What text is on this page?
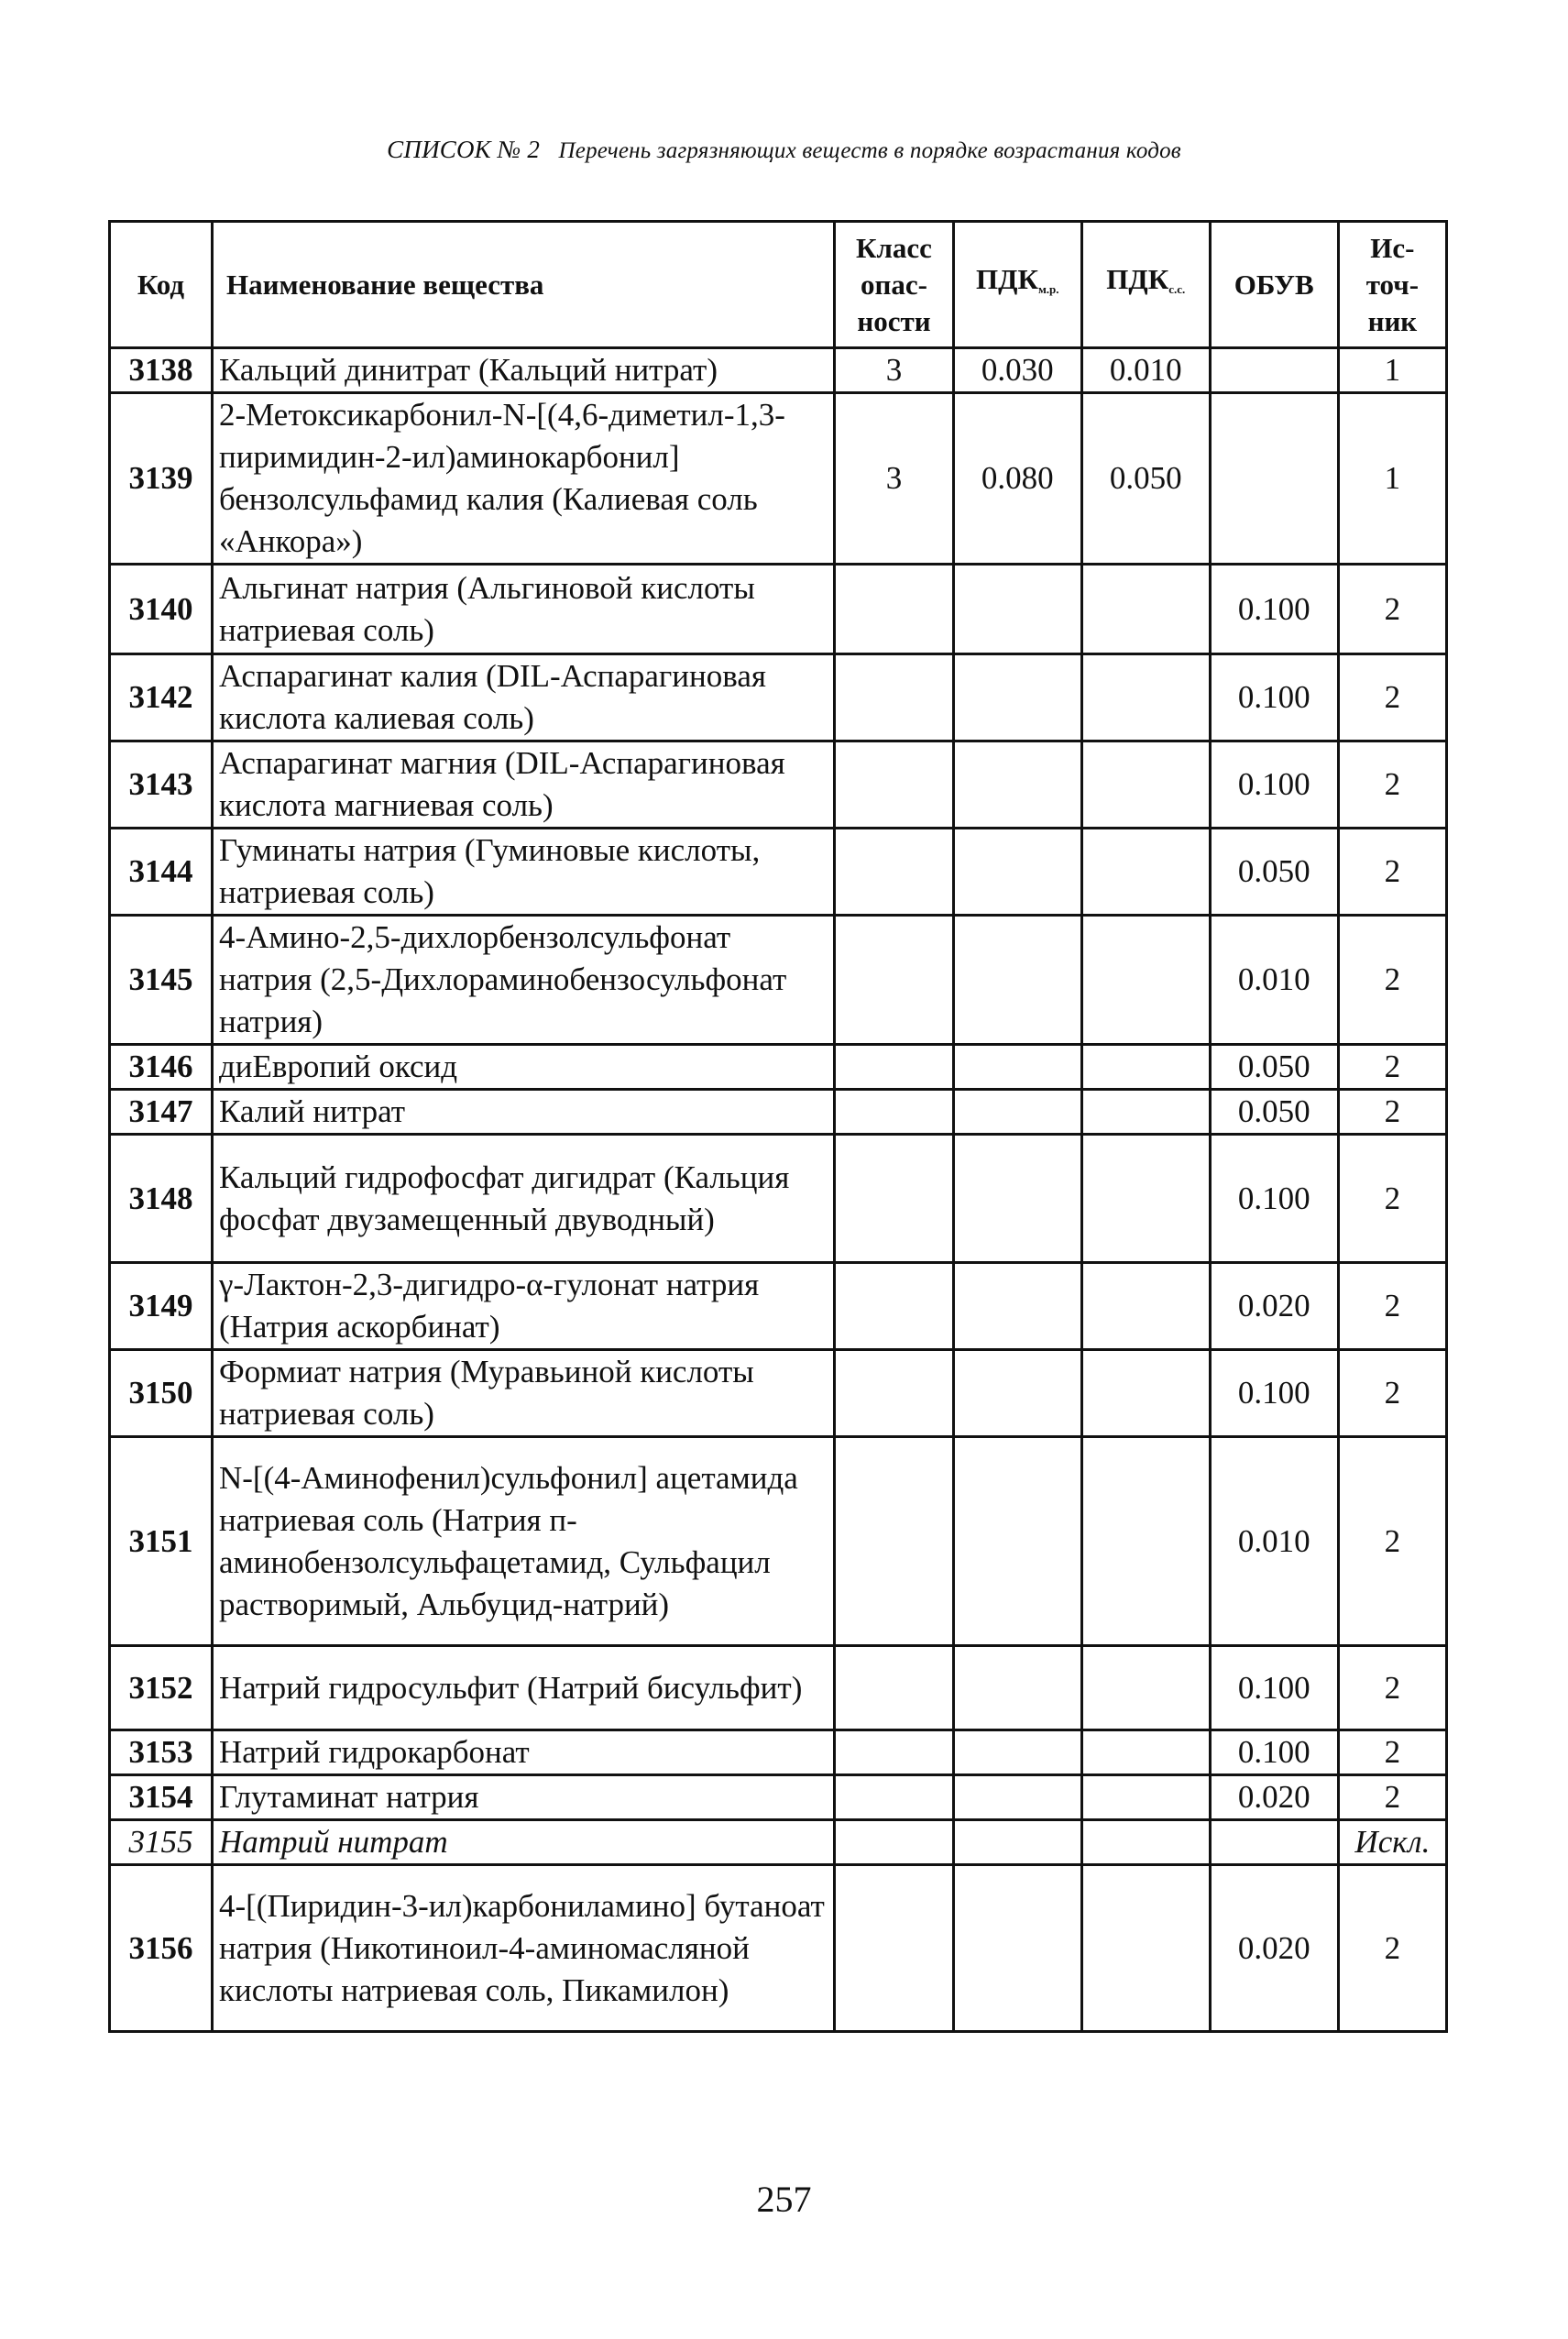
СПИСОК № 2 Перечень загрязняющих веществ в порядке возрастания кодов
Код	Наименование вещества	Класс опас- ности	$ПДК_{м.р.}$	$ПДК_{с.с.}$	ОБУВ	Ис- точ- ник
3138	Кальций динитрат (Кальций нитрат)	3	0.030	0.010		1
3139	2-Метоксикарбонил-N-[(4,6-диметил-1,3-пиримидин-2-ил)аминокарбонил] бензолсульфамид калия (Калиевая соль «Анкора»)	3	0.080	0.050		1
3140	Альгинат натрия (Альгиновой кислоты натриевая соль)				0.100	2
3142	Аспарагинат калия (DIL-Аспарагиновая кислота калиевая соль)				0.100	2
3143	Аспарагинат магния (DIL-Аспарагиновая кислота магниевая соль)				0.100	2
3144	Гуминаты натрия (Гуминовые кислоты, натриевая соль)				0.050	2
3145	4-Амино-2,5-дихлорбензолсульфонат натрия (2,5-Дихлораминобензосульфонат натрия)				0.010	2
3146	диЕвропий оксид				0.050	2
3147	Калий нитрат				0.050	2
3148	Кальций гидрофосфат дигидрат (Кальция фосфат двузамещенный двуводный)				0.100	2
3149	γ-Лактон-2,3-дигидро-α-гулонат натрия (Натрия аскорбинат)				0.020	2
3150	Формиат натрия (Муравьиной кислоты натриевая соль)				0.100	2
3151	N-[(4-Аминофенил)сульфонил] ацетамида натриевая соль (Натрия п-аминобензолсульфацетамид, Сульфацил растворимый, Альбуцид-натрий)				0.010	2
3152	Натрий гидросульфит (Натрий бисульфит)				0.100	2
3153	Натрий гидрокарбонат				0.100	2
3154	Глутаминат натрия				0.020	2
3155	Натрий нитрат					Искл.
3156	4-[(Пиридин-3-ил)карбониламино] бутаноат натрия (Никотиноил-4-аминомасляной кислоты натриевая соль, Пикамилон)				0.020	2
257
